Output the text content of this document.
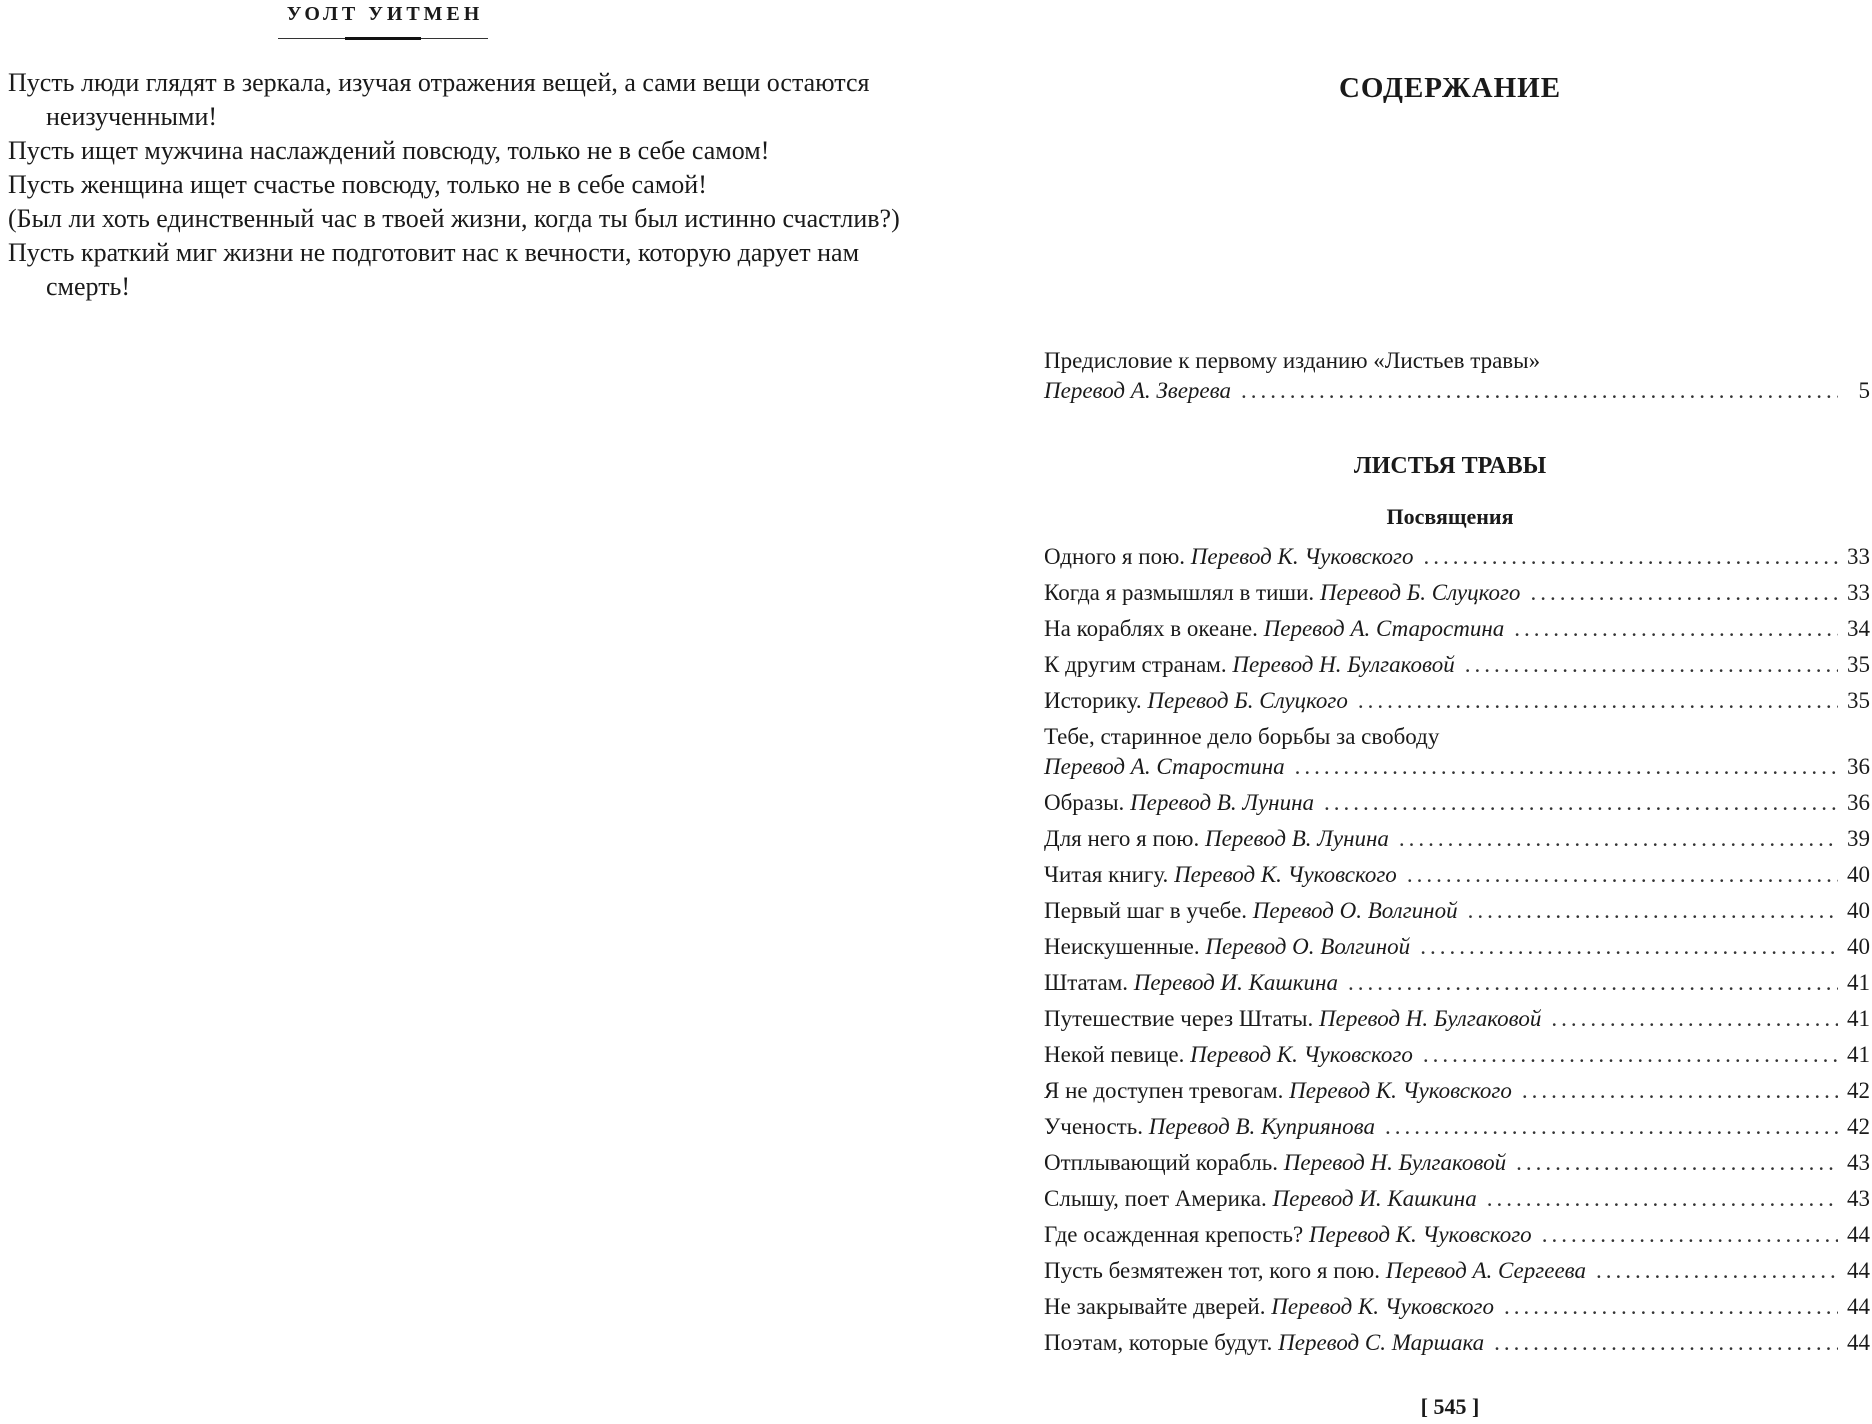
УОЛТ УИТМЕН
Пусть люди глядят в зеркала, изучая отражения вещей, а сами вещи остаются неизученными!
Пусть ищет мужчина наслаждений повсюду, только не в себе самом!
Пусть женщина ищет счастье повсюду, только не в себе самой!
(Был ли хоть единственный час в твоей жизни, когда ты был истинно счастлив?)
Пусть краткий миг жизни не подготовит нас к вечности, которую дарует нам смерть!
СОДЕРЖАНИЕ
Предисловие к первому изданию «Листьев травы»
Перевод А. Зверева .....	5
ЛИСТЬЯ ТРАВЫ
Посвящения
Одного я пою. Перевод К. Чуковского .....	33
Когда я размышлял в тиши. Перевод Б. Слуцкого .....	33
На кораблях в океане. Перевод А. Старостина .....	34
К другим странам. Перевод Н. Булгаковой .....	35
Историку. Перевод Б. Слуцкого .....	35
Тебе, старинное дело борьбы за свободу
Перевод А. Старостина .....	36
Образы. Перевод В. Лунина .....	36
Для него я пою. Перевод В. Лунина .....	39
Читая книгу. Перевод К. Чуковского .....	40
Первый шаг в учебе. Перевод О. Волгиной .....	40
Неискушенные. Перевод О. Волгиной .....	40
Штатам. Перевод И. Кашкина .....	41
Путешествие через Штаты. Перевод Н. Булгаковой .....	41
Некой певице. Перевод К. Чуковского .....	41
Я не доступен тревогам. Перевод К. Чуковского .....	42
Ученость. Перевод В. Куприянова .....	42
Отплывающий корабль. Перевод Н. Булгаковой .....	43
Слышу, поет Америка. Перевод И. Кашкина .....	43
Где осажденная крепость? Перевод К. Чуковского .....	44
Пусть безмятежен тот, кого я пою. Перевод А. Сергеева .....	44
Не закрывайте дверей. Перевод К. Чуковского .....	44
Поэтам, которые будут. Перевод С. Маршака .....	44
[ 545 ]
